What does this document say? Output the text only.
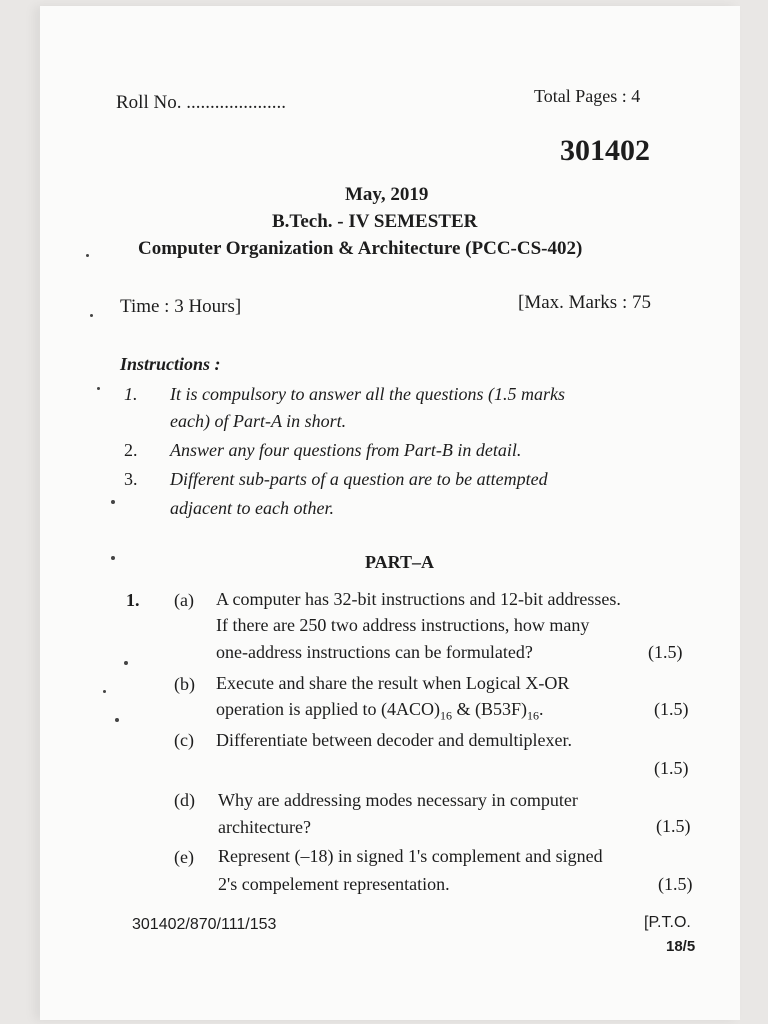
Roll No. .....................	Total Pages : 4
301402
May, 2019
B.Tech. - IV SEMESTER
Computer Organization & Architecture (PCC-CS-402)
Time : 3 Hours]	[Max. Marks : 75
Instructions :
1. It is compulsory to answer all the questions (1.5 marks
each) of Part-A in short.
2. Answer any four questions from Part-B in detail.
3. Different sub-parts of a question are to be attempted
adjacent to each other.
PART–A
1. (a) A computer has 32-bit instructions and 12-bit addresses.
If there are 250 two address instructions, how many
one-address instructions can be formulated?	(1.5)
(b) Execute and share the result when Logical X-OR
operation is applied to $(4ACO)_{16}$ & $(B53F)_{16}$.	(1.5)
(c) Differentiate between decoder and demultiplexer.
(1.5)
(d) Why are addressing modes necessary in computer
architecture?	(1.5)
(e) Represent (–18) in signed 1's complement and signed
2's compelement representation.	(1.5)
301402/870/111/153	[P.T.O.
18/5
